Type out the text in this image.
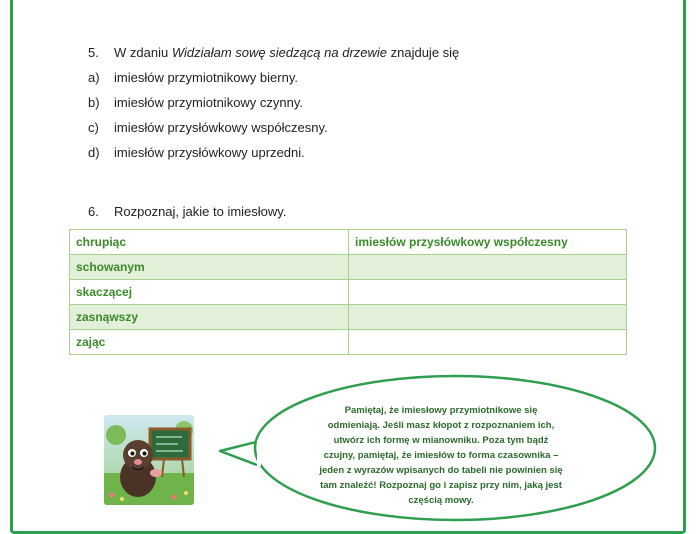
5. W zdaniu Widziałam sowę siedzącą na drzewie znajduje się
a) imiesłów przymiotnikowy bierny.
b) imiesłów przymiotnikowy czynny.
c) imiesłów przysłówkowy współczesny.
d) imiesłów przysłówkowy uprzedni.
6. Rozpoznaj, jakie to imiesłowy.
chrupiąc	imiesłów przysłówkowy współczesny
schowanym	
skaczącej	
zasnąwszy	
zając	
Pamiętaj, że imiesłowy przymiotnikowe się
odmieniają. Jeśli masz kłopot z rozpoznaniem ich,
utwórz ich formę w mianowniku. Poza tym bądź
czujny, pamiętaj, że imiesłów to forma czasownika –
jeden z wyrazów wpisanych do tabeli nie powinien się
tam znaleźć! Rozpoznaj go i zapisz przy nim, jaką jest
częścią mowy.
